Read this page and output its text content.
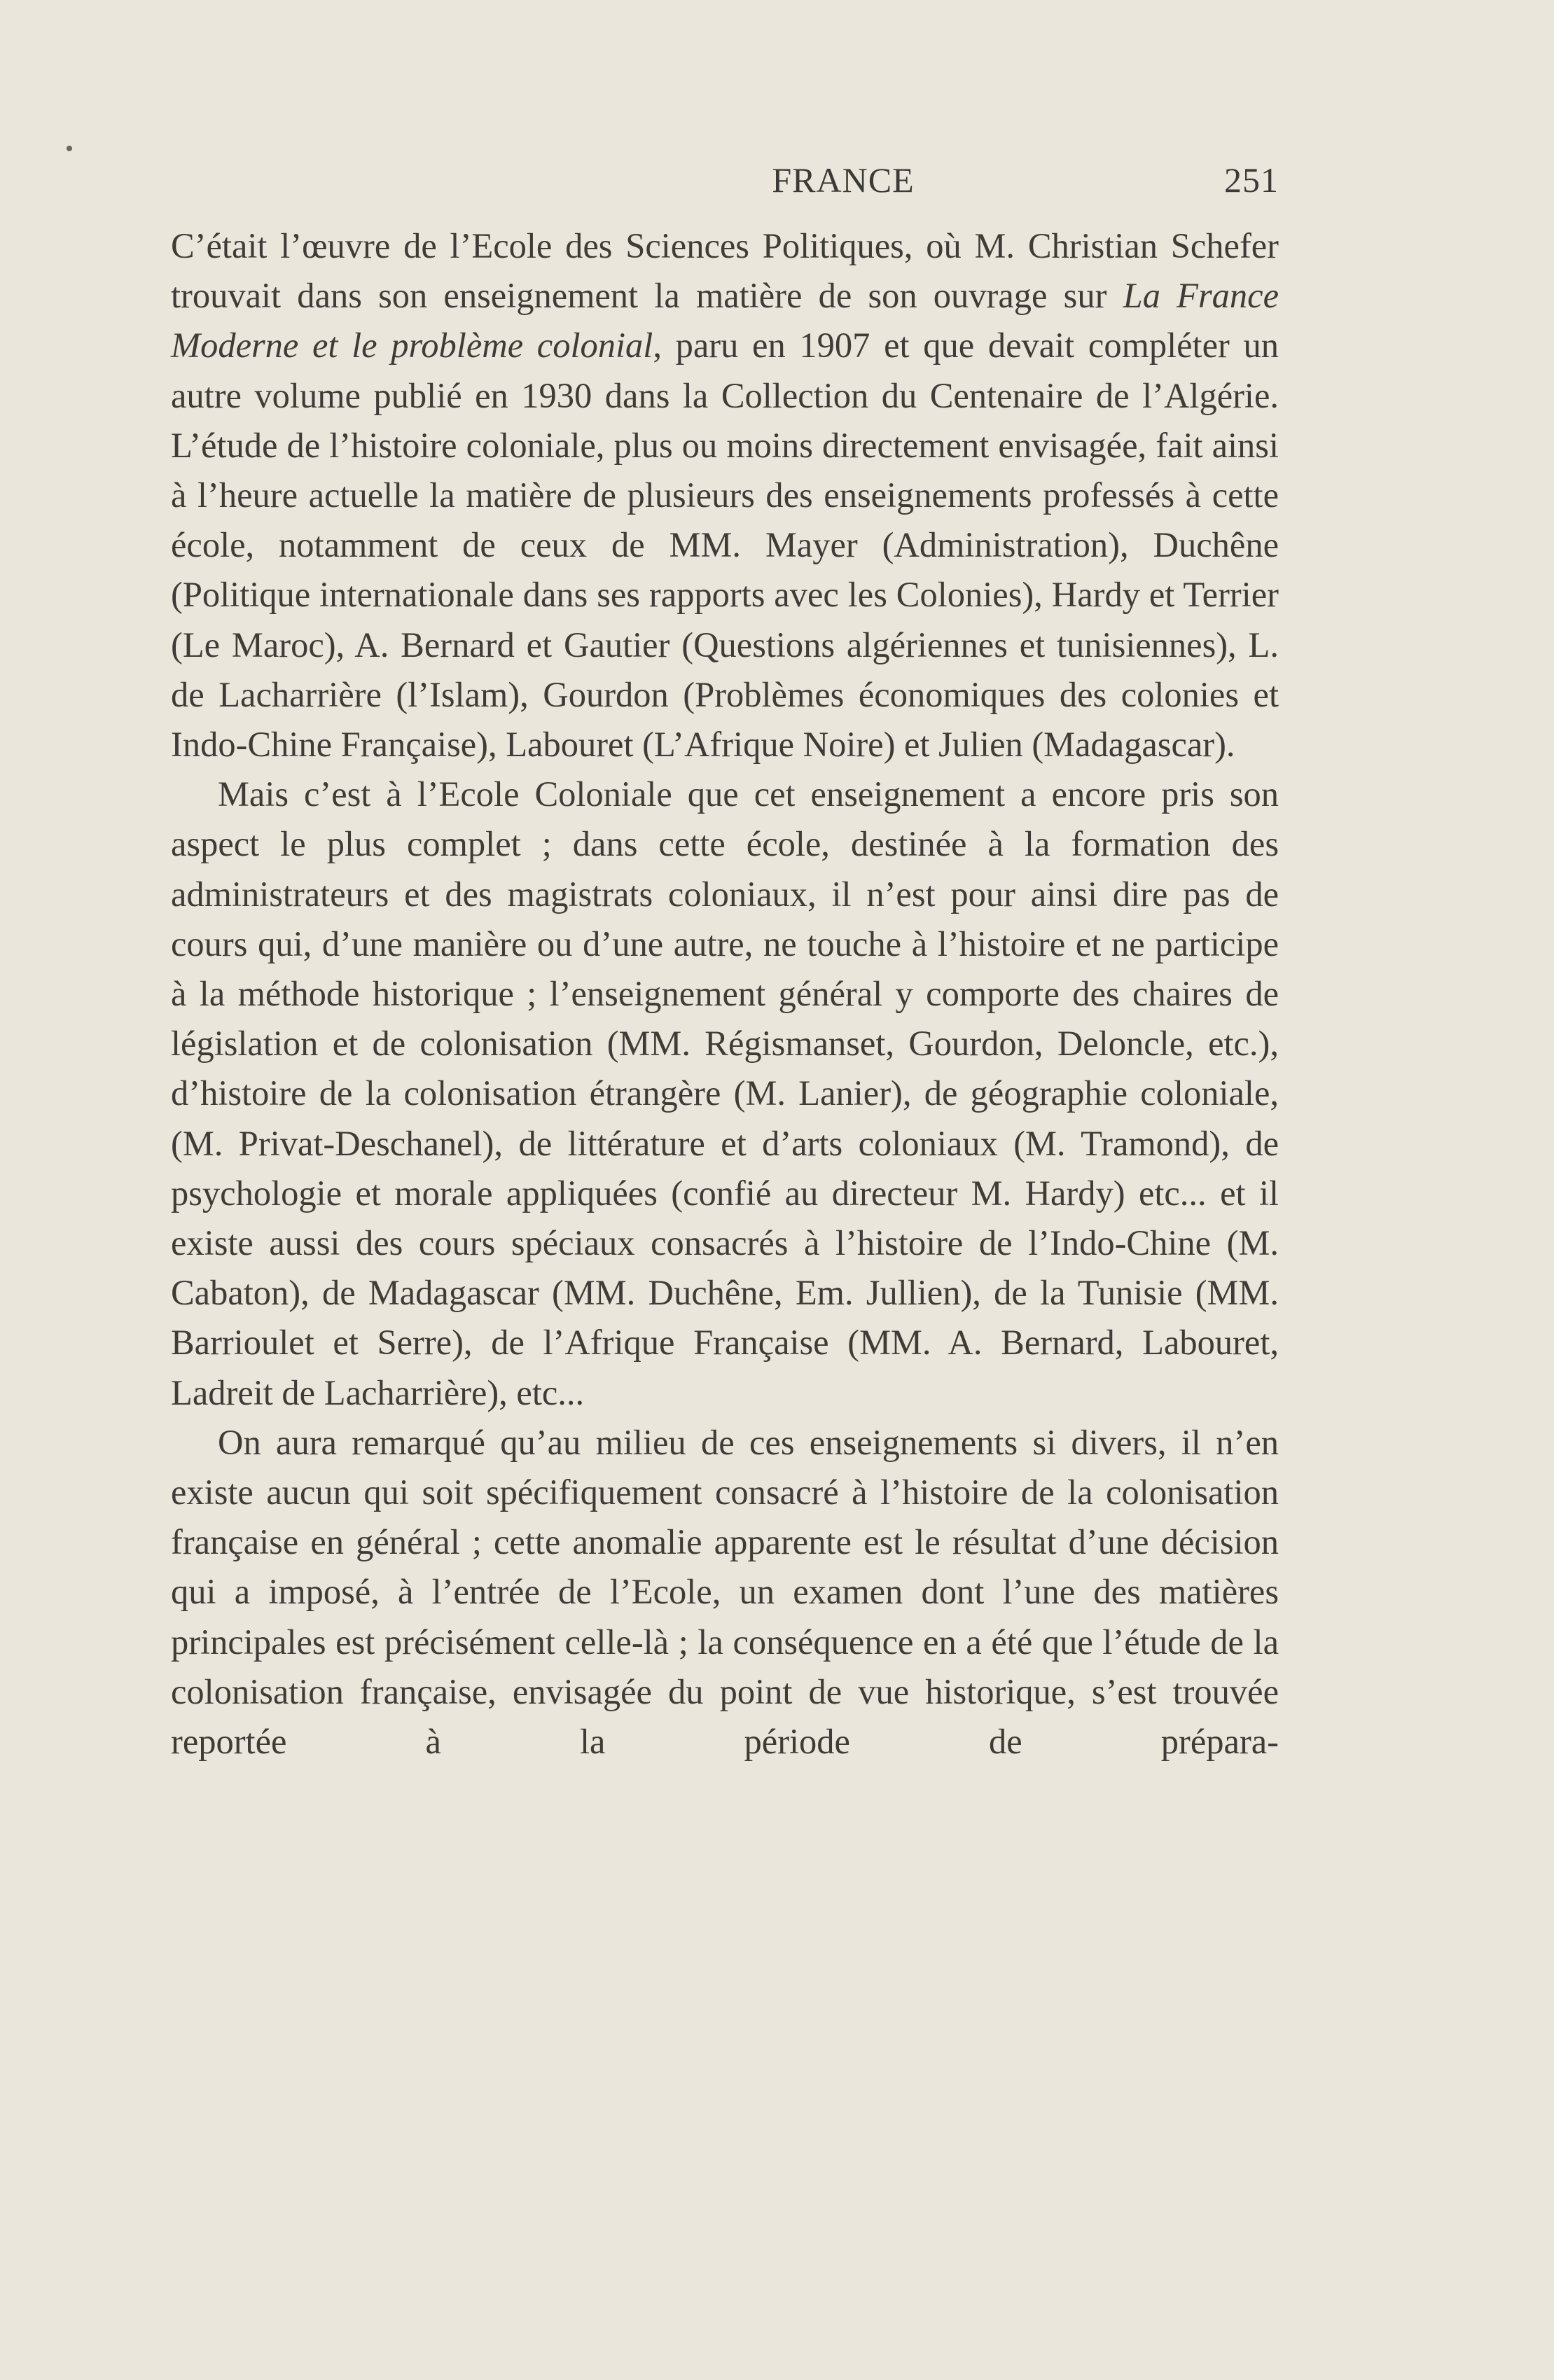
FRANCE	251

C’était l’œuvre de l’Ecole des Sciences Politiques, où M. Christian Schefer trouvait dans son enseignement la matière de son ouvrage sur La France Moderne et le problème colonial, paru en 1907 et que devait compléter un autre volume publié en 1930 dans la Collection du Centenaire de l’Algérie. L’étude de l’histoire coloniale, plus ou moins directement envisagée, fait ainsi à l’heure actuelle la matière de plusieurs des enseignements professés à cette école, notamment de ceux de MM. Mayer (Administration), Duchêne (Politique internationale dans ses rapports avec les Colonies), Hardy et Terrier (Le Maroc), A. Bernard et Gautier (Questions algériennes et tunisiennes), L. de Lacharrière (l’Islam), Gourdon (Problèmes économiques des colonies et Indo-Chine Française), Labouret (L’Afrique Noire) et Julien (Madagascar).

Mais c’est à l’Ecole Coloniale que cet enseignement a encore pris son aspect le plus complet ; dans cette école, destinée à la formation des administrateurs et des magistrats coloniaux, il n’est pour ainsi dire pas de cours qui, d’une manière ou d’une autre, ne touche à l’histoire et ne participe à la méthode historique ; l’enseignement général y comporte des chaires de législation et de colonisation (MM. Régismanset, Gourdon, Deloncle, etc.), d’histoire de la colonisation étrangère (M. Lanier), de géographie coloniale, (M. Privat-Deschanel), de littérature et d’arts coloniaux (M. Tramond), de psychologie et morale appliquées (confié au directeur M. Hardy) etc... et il existe aussi des cours spéciaux consacrés à l’histoire de l’Indo-Chine (M. Cabaton), de Madagascar (MM. Duchêne, Em. Jullien), de la Tunisie (MM. Barrioulet et Serre), de l’Afrique Française (MM. A. Bernard, Labouret, Ladreit de Lacharrière), etc...

On aura remarqué qu’au milieu de ces enseignements si divers, il n’en existe aucun qui soit spécifiquement consacré à l’histoire de la colonisation française en général ; cette anomalie apparente est le résultat d’une décision qui a imposé, à l’entrée de l’Ecole, un examen dont l’une des matières principales est précisément celle-là ; la conséquence en a été que l’étude de la colonisation française, envisagée du point de vue historique, s’est trouvée reportée à la période de prépara-
